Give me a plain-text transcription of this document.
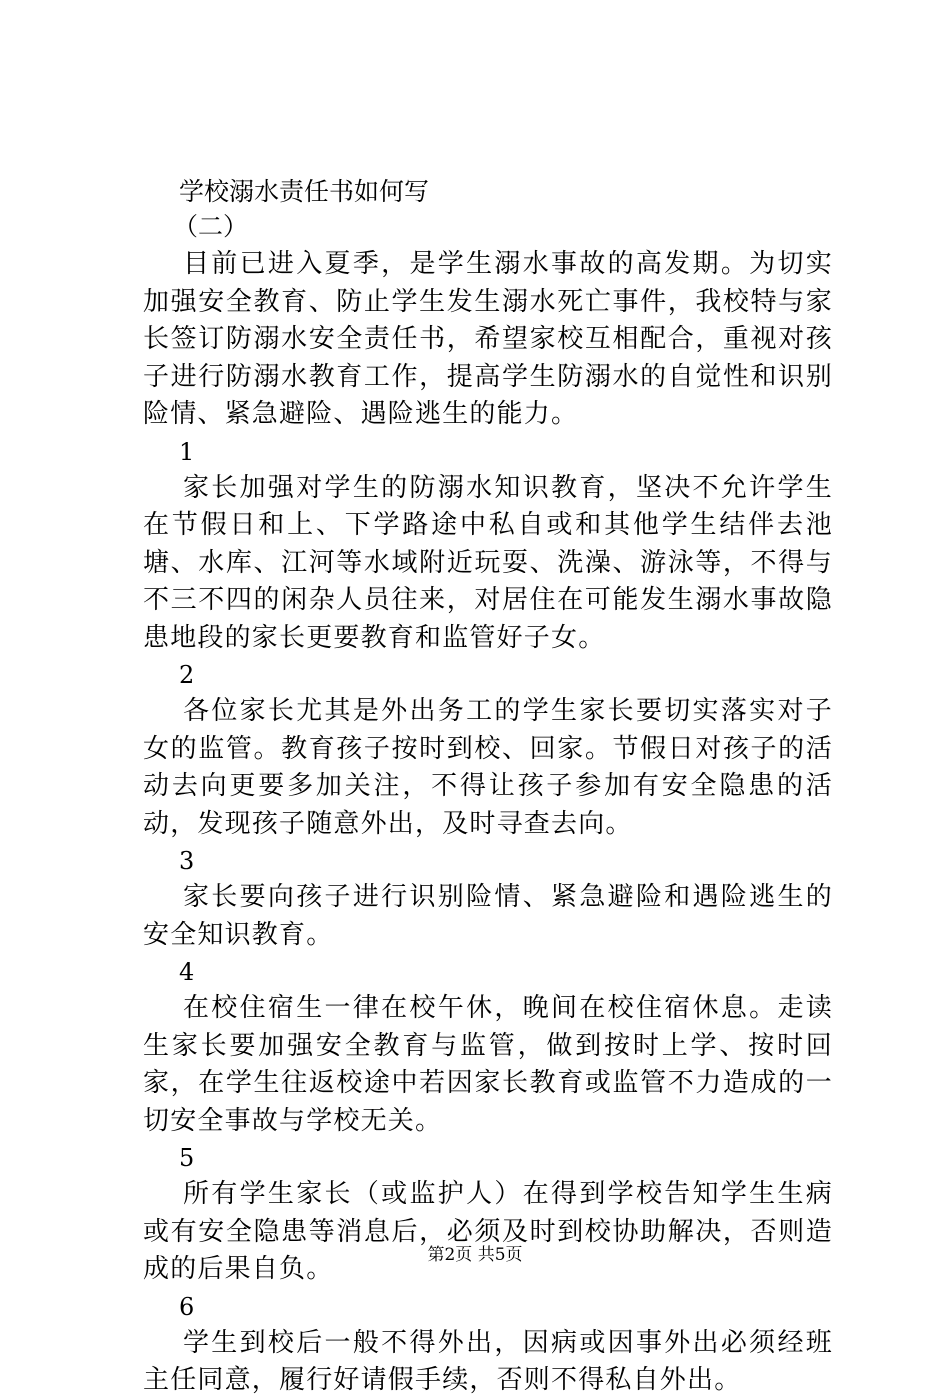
学校溺水责任书如何写
（二）

目前已进入夏季，是学生溺水事故的高发期。为切实加强安全教育、防止学生发生溺水死亡事件，我校特与家长签订防溺水安全责任书，希望家校互相配合，重视对孩子进行防溺水教育工作，提高学生防溺水的自觉性和识别险情、紧急避险、遇险逃生的能力。

1

家长加强对学生的防溺水知识教育，坚决不允许学生在节假日和上、下学路途中私自或和其他学生结伴去池塘、水库、江河等水域附近玩耍、洗澡、游泳等，不得与不三不四的闲杂人员往来，对居住在可能发生溺水事故隐患地段的家长更要教育和监管好子女。

2

各位家长尤其是外出务工的学生家长要切实落实对子女的监管。教育孩子按时到校、回家。节假日对孩子的活动去向更要多加关注，不得让孩子参加有安全隐患的活动，发现孩子随意外出，及时寻查去向。

3

家长要向孩子进行识别险情、紧急避险和遇险逃生的安全知识教育。

4

在校住宿生一律在校午休，晚间在校住宿休息。走读生家长要加强安全教育与监管，做到按时上学、按时回家，在学生往返校途中若因家长教育或监管不力造成的一切安全事故与学校无关。

5

所有学生家长（或监护人）在得到学校告知学生生病或有安全隐患等消息后，必须及时到校协助解决，否则造成的后果自负。

6

学生到校后一般不得外出，因病或因事外出必须经班主任同意，履行好请假手续，否则不得私自外出。

第2页 共5页
